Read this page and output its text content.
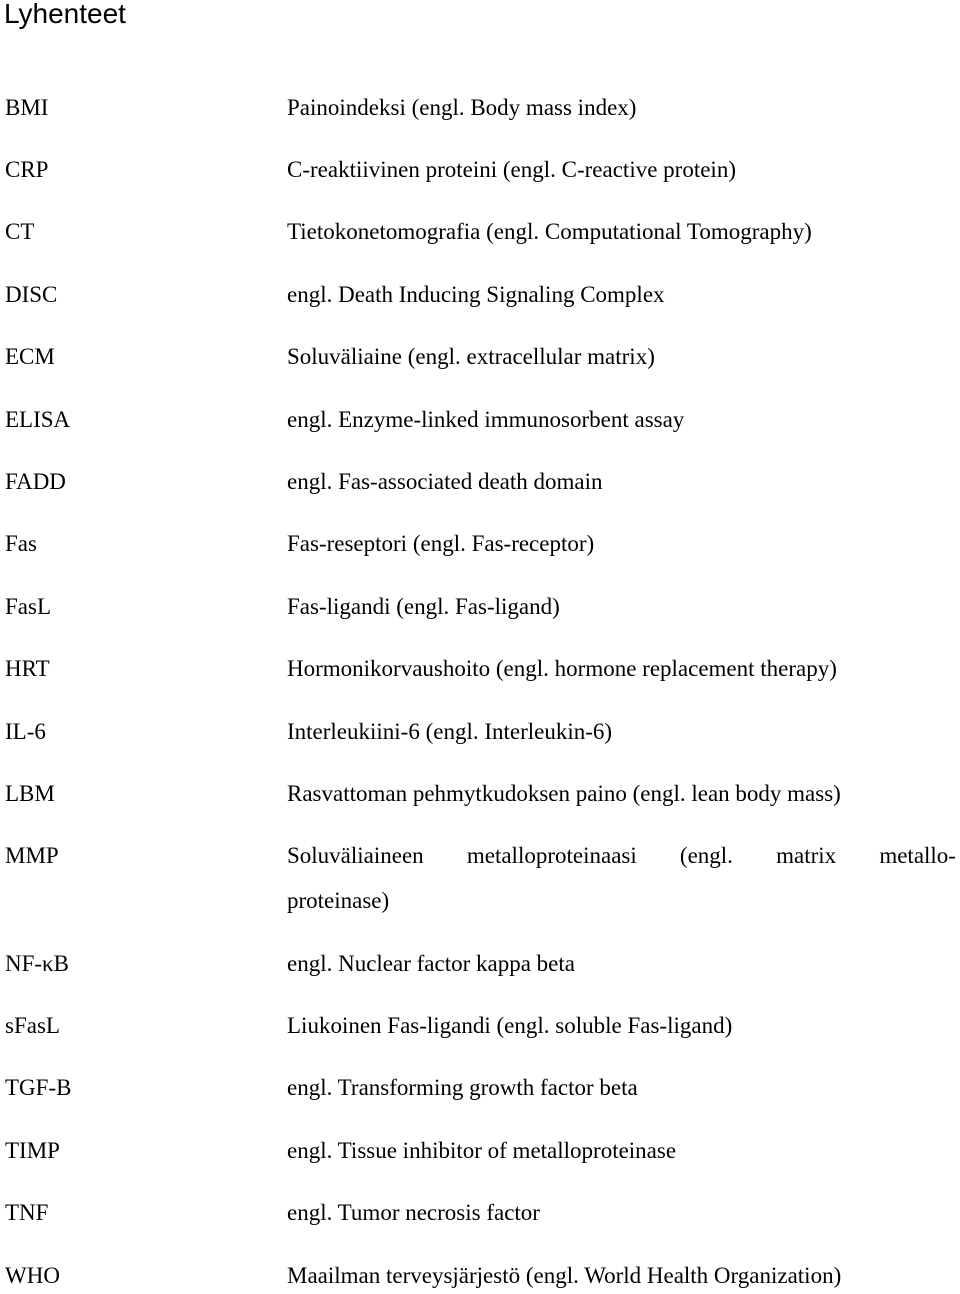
Lyhenteet
BMI	Painoindeksi (engl. Body mass index)
CRP	C-reaktiivinen proteini (engl. C-reactive protein)
CT	Tietokonetomografia (engl. Computational Tomography)
DISC	engl. Death Inducing Signaling Complex
ECM	Soluväliaine (engl. extracellular matrix)
ELISA	engl. Enzyme-linked immunosorbent assay
FADD	engl. Fas-associated death domain
Fas	Fas-reseptori (engl. Fas-receptor)
FasL	Fas-ligandi (engl. Fas-ligand)
HRT	Hormonikorvaushoito (engl. hormone replacement therapy)
IL-6	Interleukiini-6 (engl. Interleukin-6)
LBM	Rasvattoman pehmytkudoksen paino (engl. lean body mass)
MMP	Soluväliaineen metalloproteinaasi (engl. matrix metallo-
proteinase)
NF-κB	engl. Nuclear factor kappa beta
sFasL	Liukoinen Fas-ligandi (engl. soluble Fas-ligand)
TGF-B	engl. Transforming growth factor beta
TIMP	engl. Tissue inhibitor of metalloproteinase
TNF	engl. Tumor necrosis factor
WHO	Maailman terveysjärjestö (engl. World Health Organization)
